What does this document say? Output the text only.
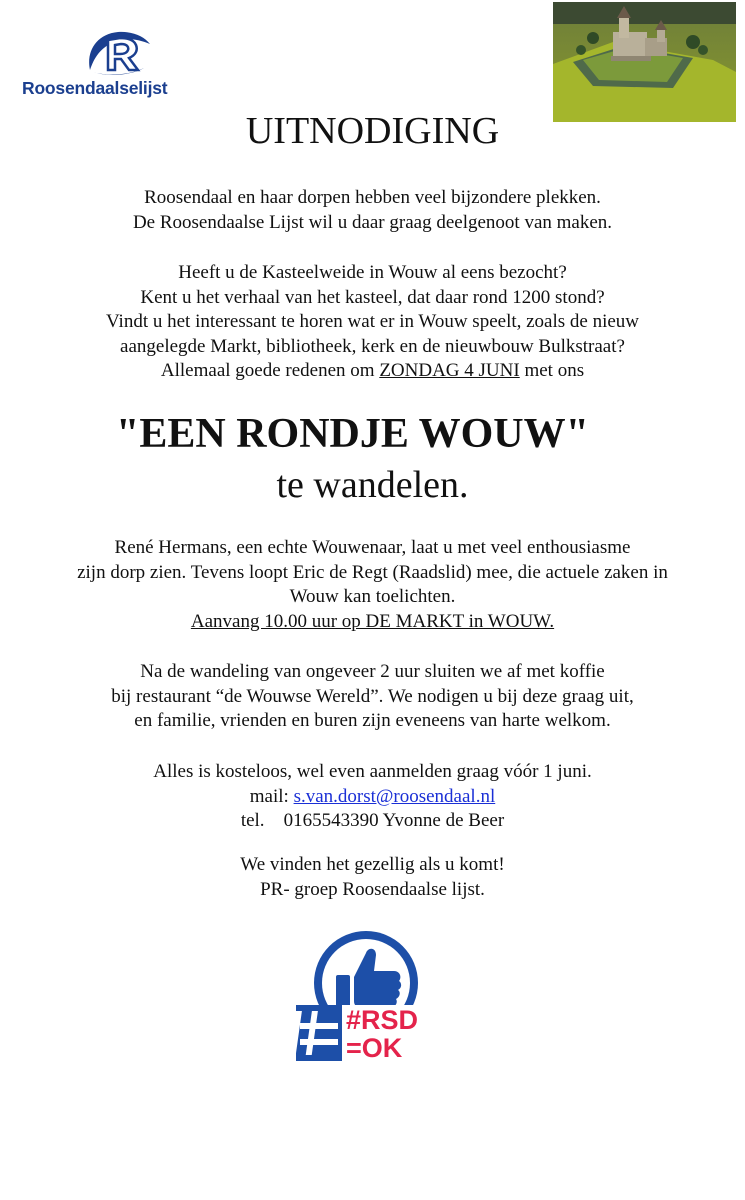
Roosendaalselijst
UITNODIGING
Roosendaal en haar dorpen hebben veel bijzondere plekken.
De Roosendaalse Lijst wil u daar graag deelgenoot van maken.
Heeft u de Kasteelweide in Wouw al eens bezocht?
Kent u het verhaal van het kasteel, dat daar rond 1200 stond?
Vindt u het interessant te horen wat er in Wouw speelt, zoals de nieuw
aangelegde Markt, bibliotheek, kerk en de nieuwbouw Bulkstraat?
Allemaal goede redenen om ZONDAG 4 JUNI met ons
"EEN RONDJE WOUW"
te wandelen.
René Hermans, een echte Wouwenaar, laat u met veel enthousiasme
zijn dorp zien. Tevens loopt Eric de Regt (Raadslid) mee, die actuele zaken in
Wouw kan toelichten.
Aanvang 10.00 uur op DE MARKT in WOUW.
Na de wandeling van ongeveer 2 uur sluiten we af met koffie
bij restaurant “de Wouwse Wereld”. We nodigen u bij deze graag uit,
en familie, vrienden en buren zijn eveneens van harte welkom.
Alles is kosteloos, wel even aanmelden graag vóór 1 juni.
mail: s.van.dorst@roosendaal.nl
tel. 0165543390 Yvonne de Beer
We vinden het gezellig als u komt!
PR- groep Roosendaalse lijst.
#RSD
=OK
